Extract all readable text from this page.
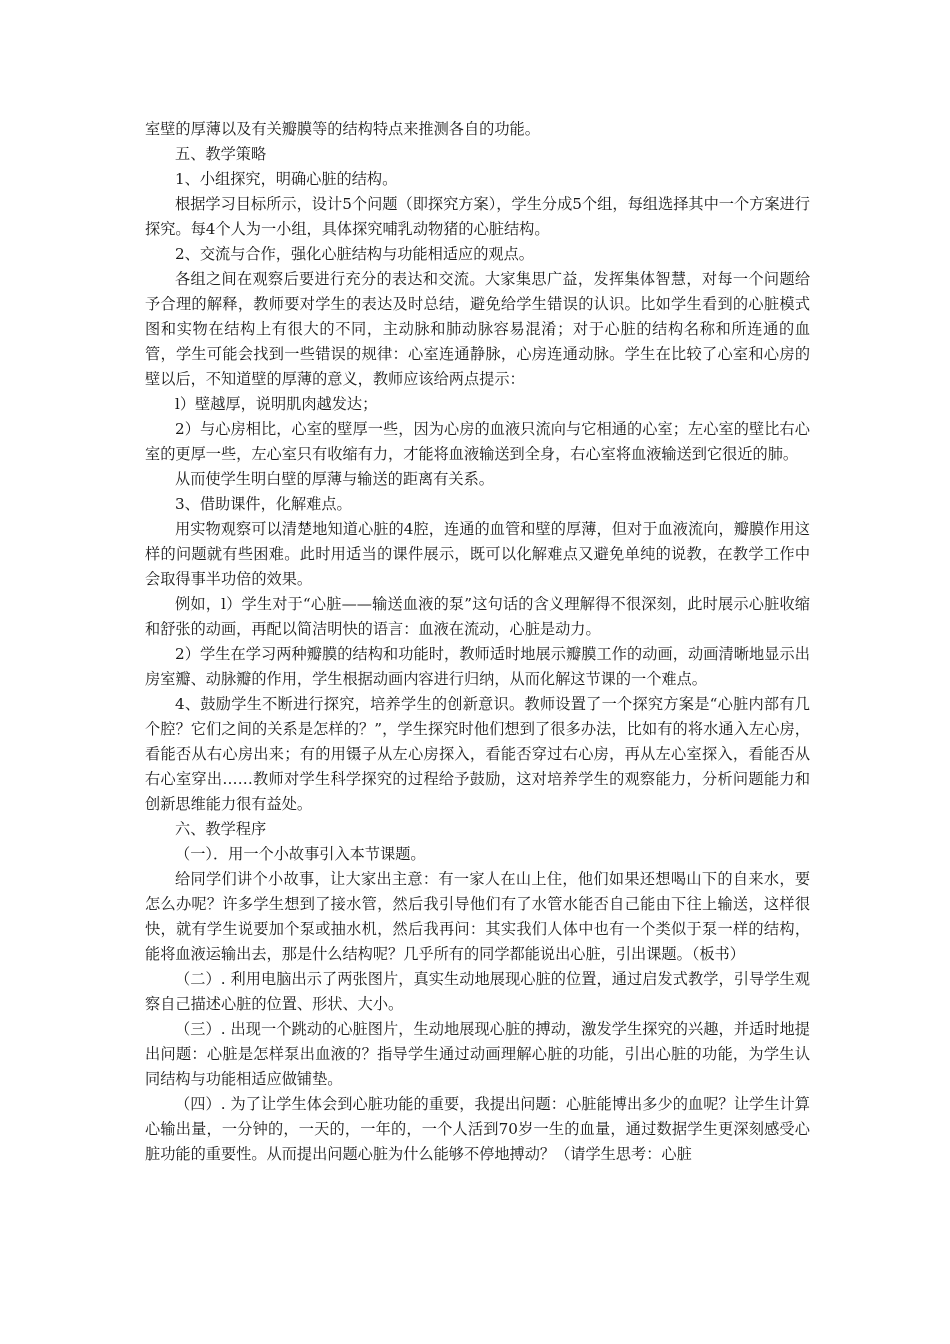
室壁的厚薄以及有关瓣膜等的结构特点来推测各自的功能。

五、教学策略

1、小组探究，明确心脏的结构。

根据学习目标所示，设计5个问题（即探究方案），学生分成5个组，每组选择其中一个方案进行探究。每4个人为一小组，具体探究哺乳动物猪的心脏结构。

2、交流与合作，强化心脏结构与功能相适应的观点。

各组之间在观察后要进行充分的表达和交流。大家集思广益，发挥集体智慧，对每一个问题给予合理的解释，教师要对学生的表达及时总结，避免给学生错误的认识。比如学生看到的心脏模式图和实物在结构上有很大的不同，主动脉和肺动脉容易混淆；对于心脏的结构名称和所连通的血管，学生可能会找到一些错误的规律：心室连通静脉，心房连通动脉。学生在比较了心室和心房的壁以后，不知道壁的厚薄的意义，教师应该给两点提示：

l）壁越厚，说明肌肉越发达；

2）与心房相比，心室的壁厚一些，因为心房的血液只流向与它相通的心室；左心室的壁比右心室的更厚一些，左心室只有收缩有力，才能将血液输送到全身，右心室将血液输送到它很近的肺。

从而使学生明白壁的厚薄与输送的距离有关系。

3、借助课件，化解难点。

用实物观察可以清楚地知道心脏的4腔，连通的血管和壁的厚薄，但对于血液流向，瓣膜作用这样的问题就有些困难。此时用适当的课件展示，既可以化解难点又避免单纯的说教，在教学工作中会取得事半功倍的效果。

例如，l）学生对于“心脏——输送血液的泵”这句话的含义理解得不很深刻，此时展示心脏收缩和舒张的动画，再配以简洁明快的语言：血液在流动，心脏是动力。

2）学生在学习两种瓣膜的结构和功能时，教师适时地展示瓣膜工作的动画，动画清晰地显示出房室瓣、动脉瓣的作用，学生根据动画内容进行归纳，从而化解这节课的一个难点。

4、鼓励学生不断进行探究，培养学生的创新意识。教师设置了一个探究方案是“心脏内部有几个腔？它们之间的关系是怎样的？”，学生探究时他们想到了很多办法，比如有的将水通入左心房，看能否从右心房出来；有的用镊子从左心房探入，看能否穿过右心房，再从左心室探入，看能否从右心室穿出……教师对学生科学探究的过程给予鼓励，这对培养学生的观察能力，分析问题能力和创新思维能力很有益处。

六、教学程序

（一）．用一个小故事引入本节课题。

给同学们讲个小故事，让大家出主意：有一家人在山上住，他们如果还想喝山下的自来水，要怎么办呢？许多学生想到了接水管，然后我引导他们有了水管水能否自己能由下往上输送，这样很快，就有学生说要加个泵或抽水机，然后我再问：其实我们人体中也有一个类似于泵一样的结构，能将血液运输出去，那是什么结构呢？几乎所有的同学都能说出心脏，引出课题。（板书）

（二）. 利用电脑出示了两张图片，真实生动地展现心脏的位置，通过启发式教学，引导学生观察自己描述心脏的位置、形状、大小。

（三）. 出现一个跳动的心脏图片，生动地展现心脏的搏动，激发学生探究的兴趣，并适时地提出问题：心脏是怎样泵出血液的？指导学生通过动画理解心脏的功能，引出心脏的功能，为学生认同结构与功能相适应做铺垫。

（四）. 为了让学生体会到心脏功能的重要，我提出问题：心脏能博出多少的血呢？让学生计算心输出量，一分钟的，一天的，一年的，一个人活到70岁一生的血量，通过数据学生更深刻感受心脏功能的重要性。从而提出问题心脏为什么能够不停地搏动？（请学生思考：心脏
